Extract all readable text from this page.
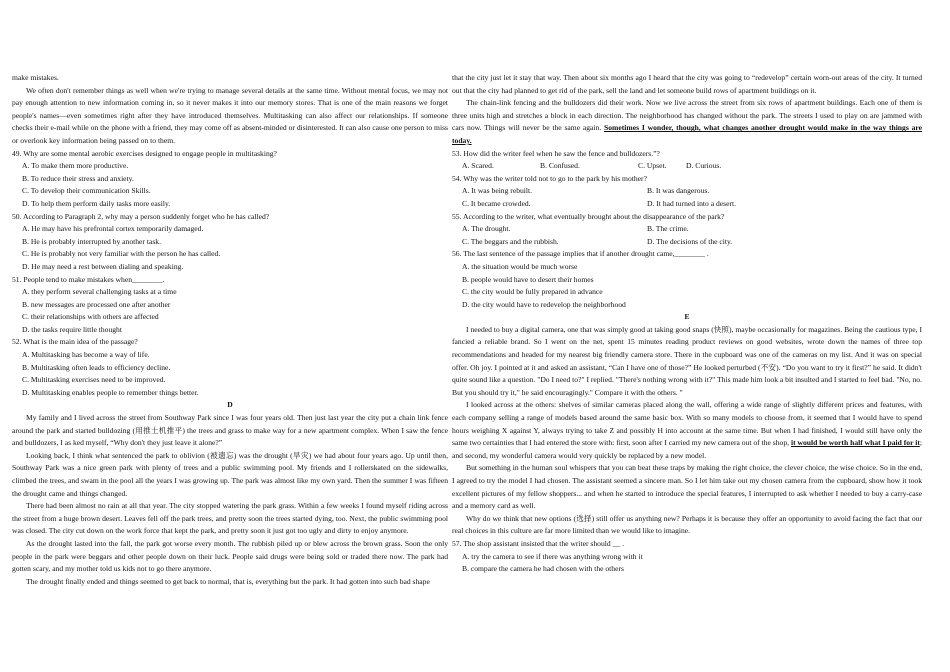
make mistakes.

We often don't remember things as well when we're trying to manage several details at the same time. Without mental focus, we may not pay enough attention to new information coming in, so it never makes it into our memory stores. That is one of the main reasons we forget people's names—even sometimes right after they have introduced themselves. Multitasking can also affect our relationships. If someone checks their e-mail while on the phone with a friend, they may come off as absent-minded or disinterested. It can also cause one person to miss or overlook key information being passed on to them.

49. Why are some mental aerobic exercises designed to engage people in multitasking?

A. To make them more productive.

B. To reduce their stress and anxiety.

C. To develop their communication Skills.

D. To help them perform daily tasks more easily.

50. According to Paragraph 2, why may a person suddenly forget who he has called?

A. He may have his prefrontal cortex temporarily damaged.

B. He is probably interrupted by another task.

C. He is probably not very familiar with the person he has called.

D. He may need a rest between dialing and speaking.

51. People tend to make mistakes when________.

A. they perform several challenging tasks at a time

B. new messages are processed one after another

C. their relationships with others are affected

D. the tasks require little thought

52. What is the main idea of the passage?

A. Multitasking has become a way of life.

B. Multitasking often leads to efficiency decline.

C. Multitasking exercises need to be improved.

D. Multitasking enables people to remember things better.

D

My family and I lived across the street from Southway Park since I was four years old. Then just last year the city put a chain link fence around the park and started bulldozing (用推土机推平) the trees and grass to make way for a new apartment complex. When I saw the fence and bulldozers, I as ked myself, “Why don't they just leave it alone?”

Looking back, I think what sentenced the park to oblivion (被遗忘) was the drought (旱灾) we had about four years ago. Up until then, Southway Park was a nice green park with plenty of trees and a public swimming pool. My friends and I rollerskated on the sidewalks, climbed the trees, and swam in the pool all the years I was growing up. The park was almost like my own yard. Then the summer I was fifteen the drought came and things changed.

There had been almost no rain at all that year. The city stopped watering the park grass. Within a few weeks I found myself riding across the street from a huge brown desert. Leaves fell off the park trees, and pretty soon the trees started dying, too. Next, the public swimming pool was closed. The city cut down on the work force that kept the park, and pretty soon it just got too ugly and dirty to enjoy anymore.

As the drought lasted into the fall, the park got worse every month. The rubbish piled up or blew across the brown grass. Soon the only people in the park were beggars and other people down on their luck. People said drugs were being sold or traded there now. The park had gotten scary, and my mother told us kids not to go there anymore.

The drought finally ended and things seemed to get back to normal, that is, everything but the park. It had gotten into such bad shape

that the city just let it stay that way. Then about six months ago I heard that the city was going to “redevelop” certain worn-out areas of the city. It turned out that the city had planned to get rid of the park, sell the land and let someone build rows of apartment buildings on it.

The chain-link fencing and the bulldozers did their work. Now we live across the street from six rows of apartment buildings. Each one of them is three units high and stretches a block in each direction. The neighborhood has changed without the park. The streets I used to play on are jammed with cars now. Things will never be the same again. Sometimes I wonder, though, what changes another drought would make in the way things are today.

53. How did the writer feel when he saw the fence and bulldozers.”?

A. Scared.	B. Confused.	C. Upset.	D. Curious.

54. Why was the writer told not to go to the park by his mother?

A. It was being rebuilt.	B. It was dangerous.

C. It became crowded.	D. It had turned into a desert.

55. According to the writer, what eventually brought about the disappearance of the park?

A. The drought.	B. The crime.

C. The beggars and the rubbish.	D. The decisions of the city.

56. The last sentence of the passage implies that if another drought came,________ .

A. the situation would be much worse

B. people would have to desert their homes

C. the city would be fully prepared in advance

D. the city would have to redevelop the neighborhood

E

I needed to buy a digital camera, one that was simply good at taking good snaps (快照), maybe occasionally for magazines. Being the cautious type, I fancied a reliable brand. So I went on the net, spent 15 minutes reading product reviews on good websites, wrote down the names of three top recommendations and headed for my nearest big friendly camera store. There in the cupboard was one of the cameras on my list. And it was on special offer. Oh joy. I pointed at it and asked an assistant, “Can I have one of those?” He looked perturbed (不安). “Do you want to try it first?” he said. It didn't quite sound like a question. "Do I need to?" I replied. "There's nothing wrong with it?" This made him look a bit insulted and I started to feel bad. "No, no. But you should try it," he said encouragingly." Compare it with the others. "

I looked across at the others: shelves of similar cameras placed along the wall, offering a wide range of slightly different prices and features, with each company selling a range of models based around the same basic box. With so many models to choose from, it seemed that I would have to spend hours weighing X against Y, always trying to take Z and possibly H into account at the same time. But when I had finished, I would still have only the same two certainties that I had entered the store with: first, soon after I carried my new camera out of the shop, it would be worth half what I paid for it; and second, my wonderful camera would very quickly be replaced by a new model.

But something in the human soul whispers that you can beat these traps by making the right choice, the clever choice, the wise choice. So in the end, I agreed to try the model I had chosen. The assistant seemed a sincere man. So I let him take out my chosen camera from the cupboard, show how it took excellent pictures of my fellow shoppers... and when he started to introduce the special features, I interrupted to ask whether I needed to buy a carry-case and a memory card as well.

Why do we think that new options (选择) still offer us anything new? Perhaps it is because they offer an opportunity to avoid facing the fact that our real choices in this culture are far more limited than we would like to imagine.

57. The shop assistant insisted that the writer should __ .

A. try the camera to see if there was anything wrong with it

B. compare the camera he had chosen with the others
